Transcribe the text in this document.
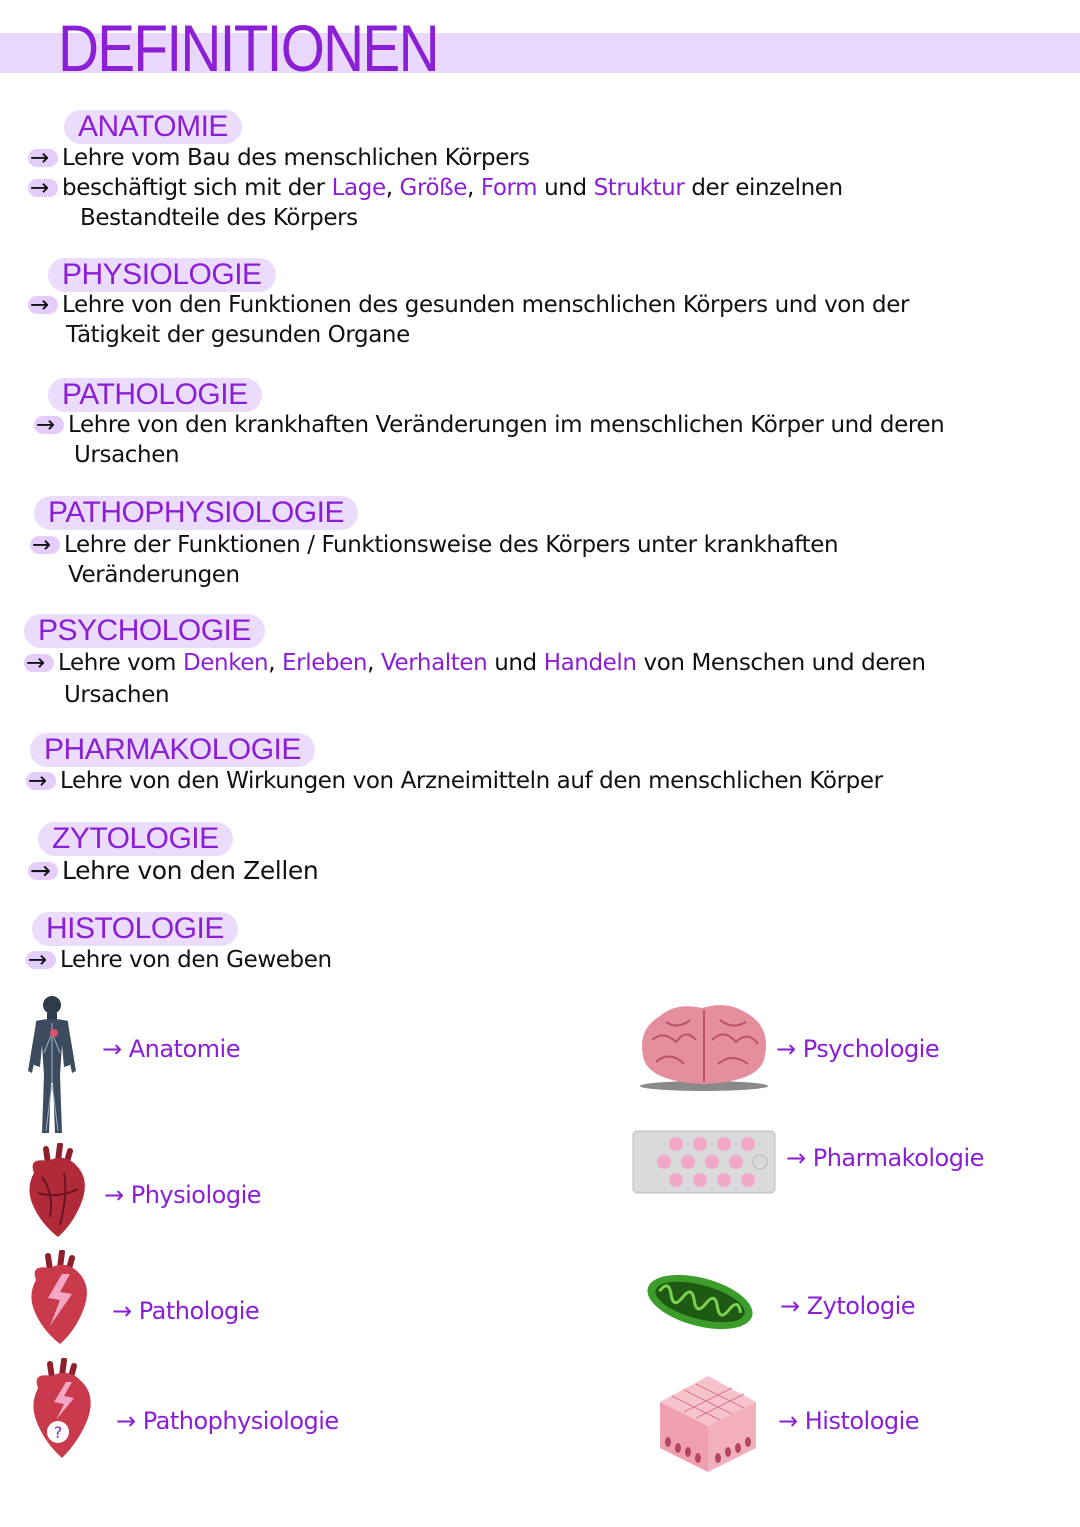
DEFINITIONEN
ANATOMIE
→ Lehre vom Bau des menschlichen Körpers
→ beschäftigt sich mit der Lage, Größe, Form und Struktur der einzelnen
Bestandteile des Körpers
PHYSIOLOGIE
→ Lehre von den Funktionen des gesunden menschlichen Körpers und von der
Tätigkeit der gesunden Organe
PATHOLOGIE
→ Lehre von den krankhaften Veränderungen im menschlichen Körper und deren
Ursachen
PATHOPHYSIOLOGIE
→ Lehre der Funktionen / Funktionsweise des Körpers unter krankhaften
Veränderungen
PSYCHOLOGIE
→ Lehre vom Denken, Erleben, Verhalten und Handeln von Menschen und deren
Ursachen
PHARMAKOLOGIE
→ Lehre von den Wirkungen von Arzneimitteln auf den menschlichen Körper
ZYTOLOGIE
→ Lehre von den Zellen
HISTOLOGIE
→ Lehre von den Geweben
→ Anatomie
→ Physiologie
→ Pathologie
? → Pathophysiologie
→ Psychologie
→ Pharmakologie
→ Zytologie
→ Histologie
